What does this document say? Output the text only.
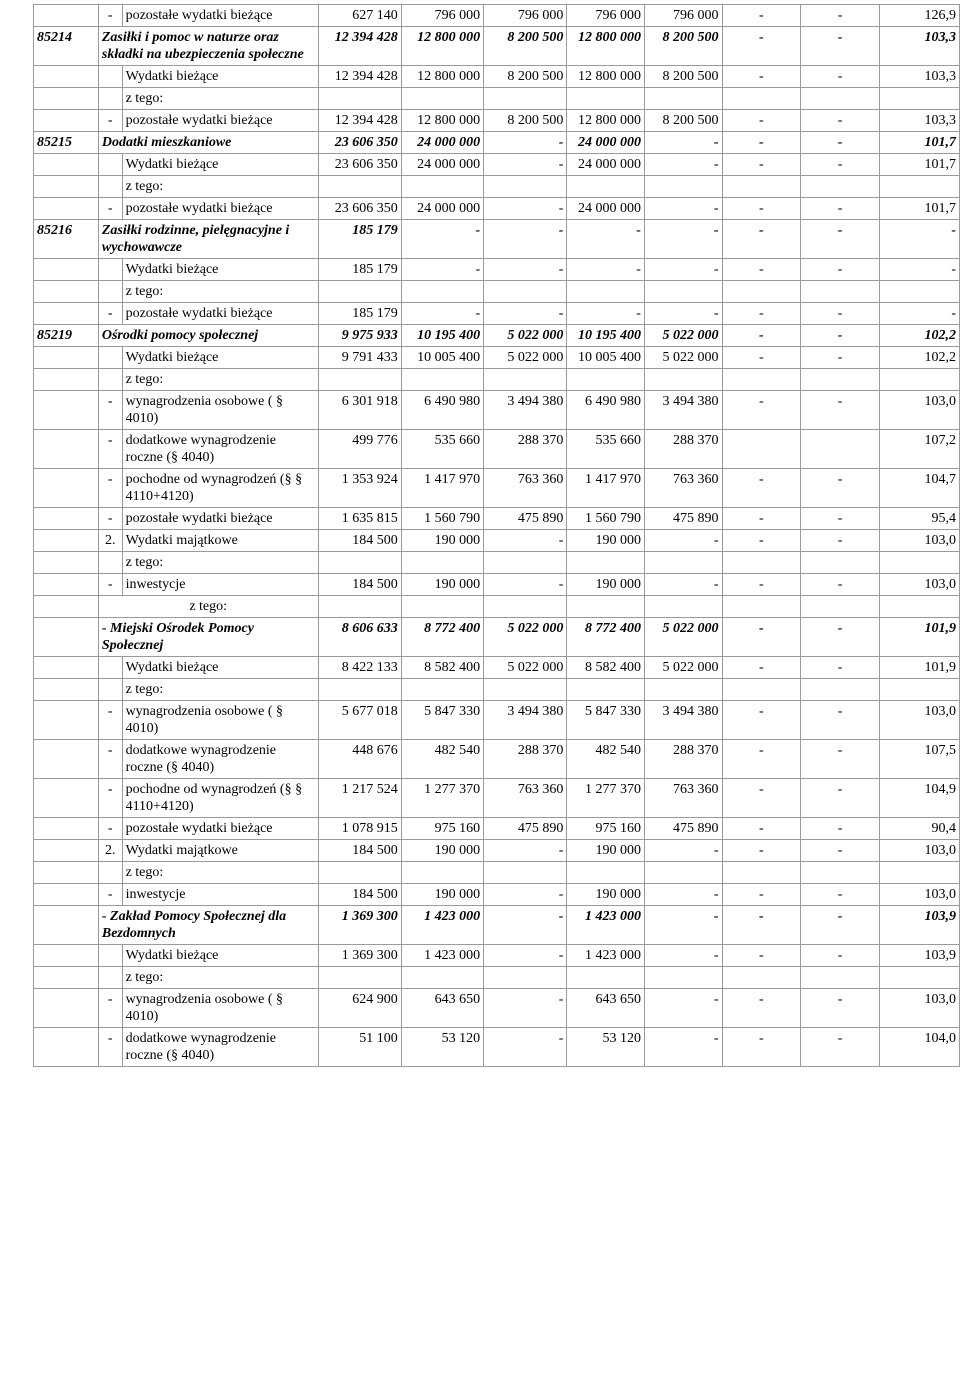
	-	pozostałe wydatki bieżące	627 140	796 000	796 000	796 000	796 000	-	-	126,9
85214	Zasiłki i pomoc w naturze oraz składki na ubezpieczenia społeczne		12 394 428	12 800 000	8 200 500	12 800 000	8 200 500	-	-	103,3
		Wydatki bieżące	12 394 428	12 800 000	8 200 500	12 800 000	8 200 500	-	-	103,3
		z tego:								
	-	pozostałe wydatki bieżące	12 394 428	12 800 000	8 200 500	12 800 000	8 200 500	-	-	103,3
85215	Dodatki mieszkaniowe		23 606 350	24 000 000	-	24 000 000	-	-	-	101,7
		Wydatki bieżące	23 606 350	24 000 000	-	24 000 000	-	-	-	101,7
		z tego:								
	-	pozostałe wydatki bieżące	23 606 350	24 000 000	-	24 000 000	-	-	-	101,7
85216	Zasiłki rodzinne, pielęgnacyjne i wychowawcze		185 179	-	-	-	-	-	-	-
		Wydatki bieżące	185 179	-	-	-	-	-	-	-
		z tego:								
	-	pozostałe wydatki bieżące	185 179	-	-	-	-	-	-	-
85219	Ośrodki pomocy społecznej		9 975 933	10 195 400	5 022 000	10 195 400	5 022 000	-	-	102,2
		Wydatki bieżące	9 791 433	10 005 400	5 022 000	10 005 400	5 022 000	-	-	102,2
		z tego:								
	-	wynagrodzenia osobowe ( § 4010)	6 301 918	6 490 980	3 494 380	6 490 980	3 494 380	-	-	103,0
	-	dodatkowe wynagrodzenie roczne (§ 4040)	499 776	535 660	288 370	535 660	288 370			107,2
	-	pochodne od wynagrodzeń (§ § 4110+4120)	1 353 924	1 417 970	763 360	1 417 970	763 360	-	-	104,7
	-	pozostałe wydatki bieżące	1 635 815	1 560 790	475 890	1 560 790	475 890	-	-	95,4
	2.	Wydatki majątkowe	184 500	190 000	-	190 000	-	-	-	103,0
		z tego:								
	-	inwestycje	184 500	190 000	-	190 000	-	-	-	103,0
	z tego:									
	- Miejski Ośrodek Pomocy Społecznej		8 606 633	8 772 400	5 022 000	8 772 400	5 022 000	-	-	101,9
		Wydatki bieżące	8 422 133	8 582 400	5 022 000	8 582 400	5 022 000	-	-	101,9
		z tego:								
	-	wynagrodzenia osobowe ( § 4010)	5 677 018	5 847 330	3 494 380	5 847 330	3 494 380	-	-	103,0
	-	dodatkowe wynagrodzenie roczne (§ 4040)	448 676	482 540	288 370	482 540	288 370	-	-	107,5
	-	pochodne od wynagrodzeń (§ § 4110+4120)	1 217 524	1 277 370	763 360	1 277 370	763 360	-	-	104,9
	-	pozostałe wydatki bieżące	1 078 915	975 160	475 890	975 160	475 890	-	-	90,4
	2.	Wydatki majątkowe	184 500	190 000	-	190 000	-	-	-	103,0
		z tego:								
	-	inwestycje	184 500	190 000	-	190 000	-	-	-	103,0
	- Zakład Pomocy Społecznej dla Bezdomnych		1 369 300	1 423 000	-	1 423 000	-	-	-	103,9
		Wydatki bieżące	1 369 300	1 423 000	-	1 423 000	-	-	-	103,9
		z tego:								
	-	wynagrodzenia osobowe ( § 4010)	624 900	643 650	-	643 650	-	-	-	103,0
	-	dodatkowe wynagrodzenie roczne (§ 4040)	51 100	53 120	-	53 120	-	-	-	104,0
